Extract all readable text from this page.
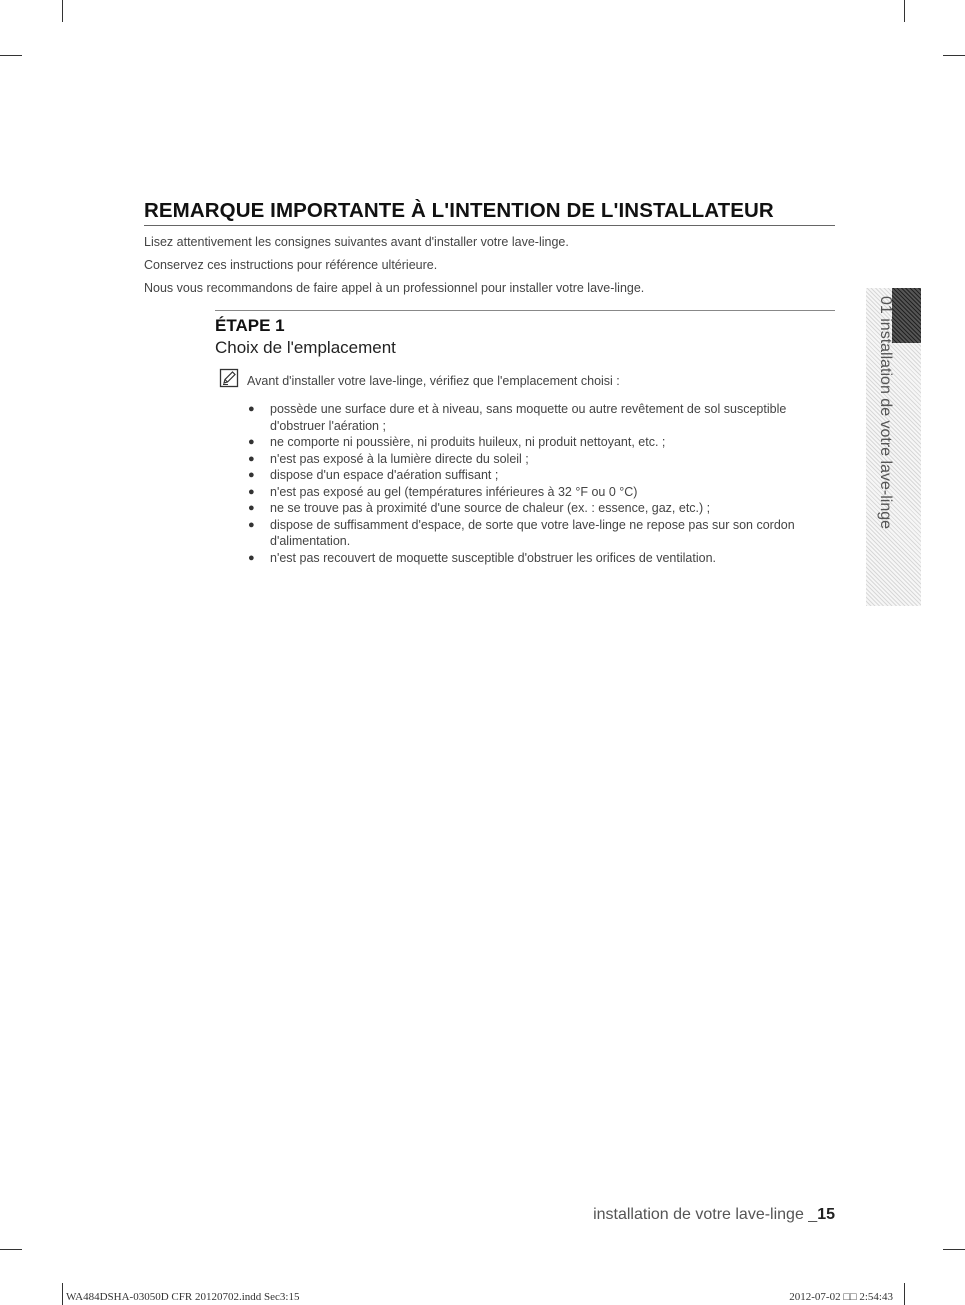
REMARQUE IMPORTANTE À L'INTENTION DE L'INSTALLATEUR
Lisez attentivement les consignes suivantes avant d'installer votre lave-linge.
Conservez ces instructions pour référence ultérieure.
Nous vous recommandons de faire appel à un professionnel pour installer votre lave-linge.
ÉTAPE 1
Choix de l'emplacement
Avant d'installer votre lave-linge, vérifiez que l'emplacement choisi :
● possède une surface dure et à niveau, sans moquette ou autre revêtement de sol susceptible d'obstruer l'aération ;
● ne comporte ni poussière, ni produits huileux, ni produit nettoyant, etc. ;
● n'est pas exposé à la lumière directe du soleil ;
● dispose d'un espace d'aération suffisant ;
● n'est pas exposé au gel (températures inférieures à 32 °F ou 0 °C)
● ne se trouve pas à proximité d'une source de chaleur (ex. : essence, gaz, etc.) ;
● dispose de suffisamment d'espace, de sorte que votre lave-linge ne repose pas sur son cordon d'alimentation.
● n'est pas recouvert de moquette susceptible d'obstruer les orifices de ventilation.
01 installation de votre lave-linge
installation de votre lave-linge _15
WA484DSHA-03050D CFR 20120702.indd Sec3:15	2012-07-02 □□ 2:54:43
